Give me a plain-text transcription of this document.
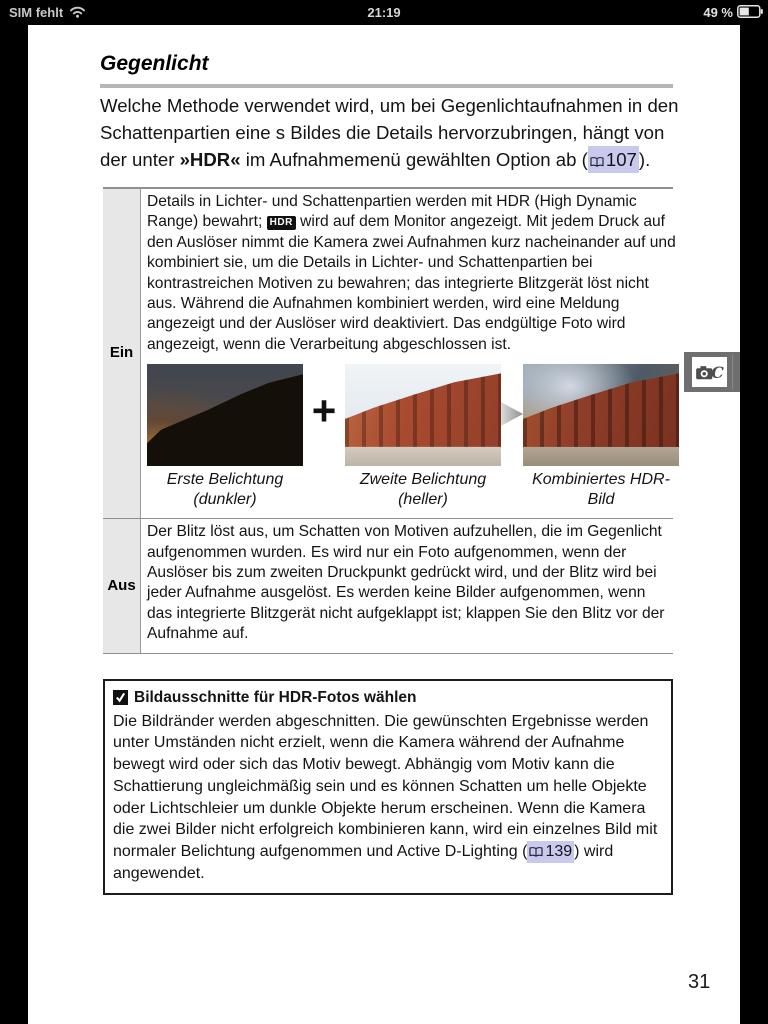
SIM fehlt	21:19	49 %
Gegenlicht
Welche Methode verwendet wird, um bei Gegenlichtaufnahmen in den Schattenpartien eine s Bildes die Details hervorzubringen, hängt von der unter »HDR« im Aufnahmemenü gewählten Option ab ( 107 ).
Ein
Details in Lichter- und Schattenpartien werden mit HDR (High Dynamic Range) bewahrt; HDR wird auf dem Monitor angezeigt. Mit jedem Druck auf den Auslöser nimmt die Kamera zwei Aufnahmen kurz nacheinander auf und kombiniert sie, um die Details in Lichter- und Schattenpartien bei kontrastreichen Motiven zu bewahren; das integrierte Blitzgerät löst nicht aus. Während die Aufnahmen kombiniert werden, wird eine Meldung angezeigt und der Auslöser wird deaktiviert. Das endgültige Foto wird angezeigt, wenn die Verarbeitung abgeschlossen ist.
Erste Belichtung
(dunkler)
+
Zweite Belichtung
(heller)
Kombiniertes HDR-
Bild
Aus
Der Blitz löst aus, um Schatten von Motiven aufzuhellen, die im Gegenlicht aufgenommen wurden. Es wird nur ein Foto aufgenommen, wenn der Auslöser bis zum zweiten Druckpunkt gedrückt wird, und der Blitz wird bei jeder Aufnahme ausgelöst. Es werden keine Bilder aufgenommen, wenn das integrierte Blitzgerät nicht aufgeklappt ist; klappen Sie den Blitz vor der Aufnahme auf.
Bildausschnitte für HDR-Fotos wählen
Die Bildränder werden abgeschnitten. Die gewünschten Ergebnisse werden unter Umständen nicht erzielt, wenn die Kamera während der Aufnahme bewegt wird oder sich das Motiv bewegt. Abhängig vom Motiv kann die Schattierung ungleichmäßig sein und es können Schatten um helle Objekte oder Lichtschleier um dunkle Objekte herum erscheinen. Wenn die Kamera die zwei Bilder nicht erfolgreich kombinieren kann, wird ein einzelnes Bild mit normaler Belichtung aufgenommen und Active D-Lighting ( 139 ) wird angewendet.
31
C
